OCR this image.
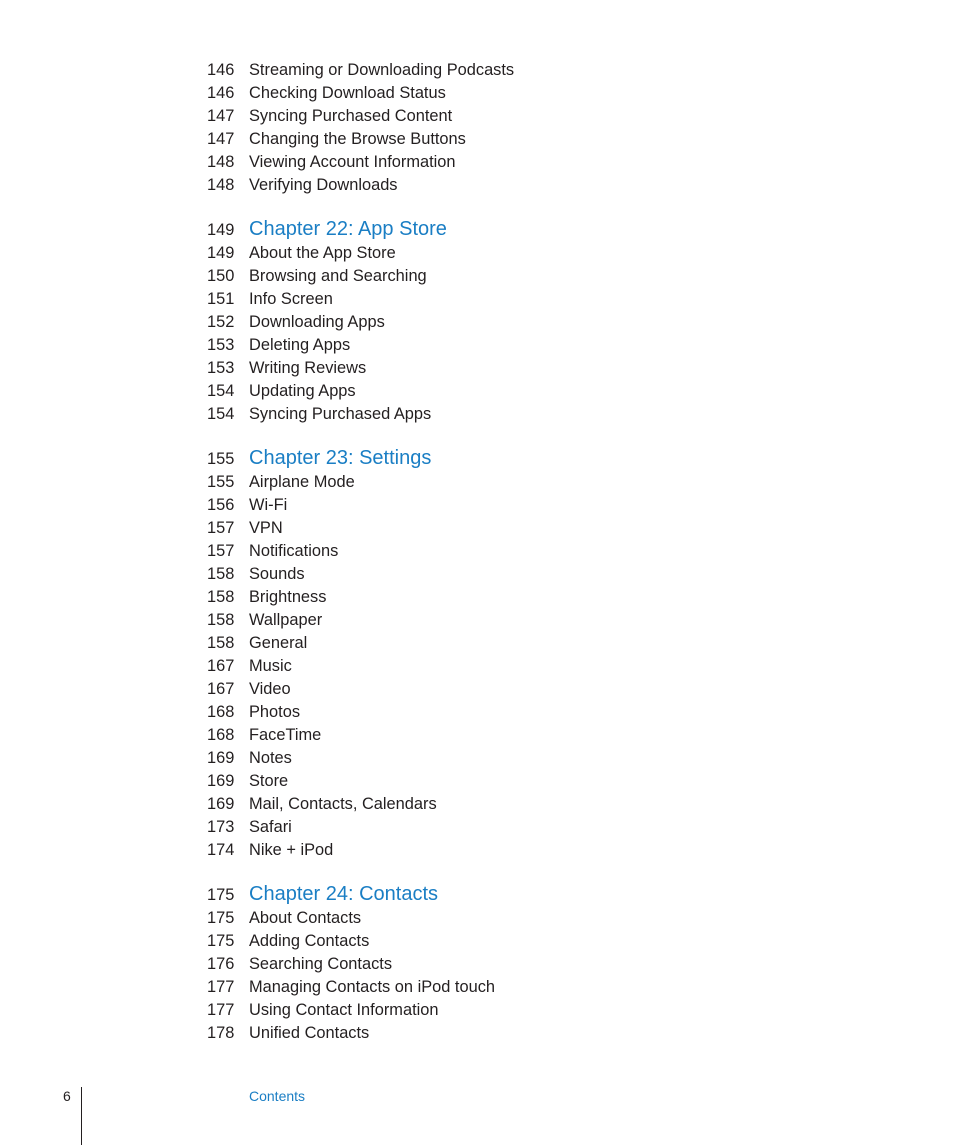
146 Streaming or Downloading Podcasts
146 Checking Download Status
147 Syncing Purchased Content
147 Changing the Browse Buttons
148 Viewing Account Information
148 Verifying Downloads
149 Chapter 22: App Store
149 About the App Store
150 Browsing and Searching
151 Info Screen
152 Downloading Apps
153 Deleting Apps
153 Writing Reviews
154 Updating Apps
154 Syncing Purchased Apps
155 Chapter 23: Settings
155 Airplane Mode
156 Wi-Fi
157 VPN
157 Notifications
158 Sounds
158 Brightness
158 Wallpaper
158 General
167 Music
167 Video
168 Photos
168 FaceTime
169 Notes
169 Store
169 Mail, Contacts, Calendars
173 Safari
174 Nike + iPod
175 Chapter 24: Contacts
175 About Contacts
175 Adding Contacts
176 Searching Contacts
177 Managing Contacts on iPod touch
177 Using Contact Information
178 Unified Contacts
6	Contents
